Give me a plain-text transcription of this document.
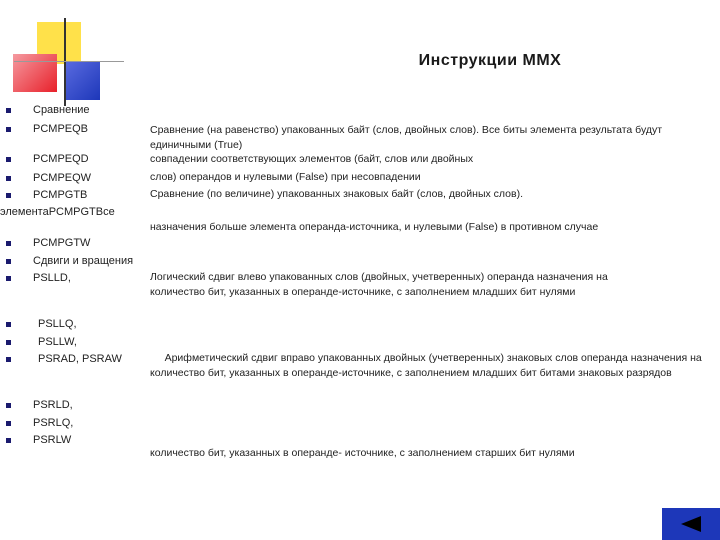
Инструкции MMX
Сравнение
PCMPEQB
PCMPEQD
PCMPEQW
PCMPGTB
элементаPCMPGTBсе
PCMPGTW
Сдвиги и вращения
PSLLD,
PSLLQ,
PSLLW,
PSRAD, PSRAW
PSRLD,
PSRLQ,
PSRLW
Сравнение (на равенство) упакованных байт (слов, двойных слов). Все биты элемента результата будут единичными (True)
совпадении соответствующих элементов (байт, слов или двойных
слов) операндов и нулевыми (False) при несовпадении
Сравнение (по величине) упакованных знаковых байт (слов, двойных слов).
назначения больше элемента операнда-источника, и нулевыми (False) в противном случае
Логический сдвиг влево упакованных слов (двойных, учетверенных) операнда назначения на количество бит, указанных в операнде-источнике, с заполнением младших бит нулями
Арифметический сдвиг вправо упакованных двойных (учетверенных) знаковых слов операнда назначения на количество бит, указанных в операнде-источнике, с заполнением младших бит битами знаковых разрядов
количество бит, указанных в операнде- источнике, с заполнением старших бит нулями
